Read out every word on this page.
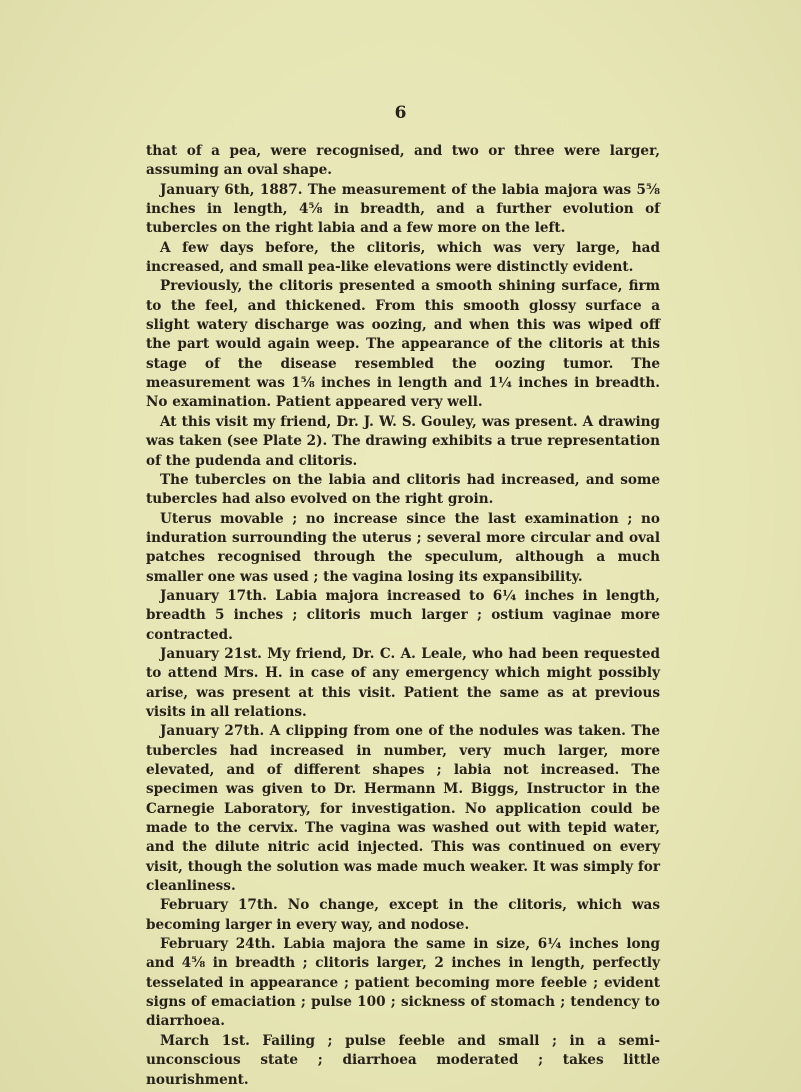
6

that of a pea, were recognised, and two or three were larger, assuming an oval shape.

January 6th, 1887. The measurement of the labia majora was 5⅝ inches in length, 4⅝ in breadth, and a further evolution of tubercles on the right labia and a few more on the left.

A few days before, the clitoris, which was very large, had increased, and small pea-like elevations were distinctly evident.

Previously, the clitoris presented a smooth shining surface, firm to the feel, and thickened. From this smooth glossy surface a slight watery discharge was oozing, and when this was wiped off the part would again weep. The appearance of the clitoris at this stage of the disease resembled the oozing tumor. The measurement was 1⅝ inches in length and 1¼ inches in breadth. No examination. Patient appeared very well.

At this visit my friend, Dr. J. W. S. Gouley, was present. A drawing was taken (see Plate 2). The drawing exhibits a true representation of the pudenda and clitoris.

The tubercles on the labia and clitoris had increased, and some tubercles had also evolved on the right groin.

Uterus movable ; no increase since the last examination ; no induration surrounding the uterus ; several more circular and oval patches recognised through the speculum, although a much smaller one was used ; the vagina losing its expansibility.

January 17th. Labia majora increased to 6¼ inches in length, breadth 5 inches ; clitoris much larger ; ostium vaginae more contracted.

January 21st. My friend, Dr. C. A. Leale, who had been requested to attend Mrs. H. in case of any emergency which might possibly arise, was present at this visit. Patient the same as at previous visits in all relations.

January 27th. A clipping from one of the nodules was taken. The tubercles had increased in number, very much larger, more elevated, and of different shapes ; labia not increased. The specimen was given to Dr. Hermann M. Biggs, Instructor in the Carnegie Laboratory, for investigation. No application could be made to the cervix. The vagina was washed out with tepid water, and the dilute nitric acid injected. This was continued on every visit, though the solution was made much weaker. It was simply for cleanliness.

February 17th. No change, except in the clitoris, which was becoming larger in every way, and nodose.

February 24th. Labia majora the same in size, 6¼ inches long and 4⅝ in breadth ; clitoris larger, 2 inches in length, perfectly tesselated in appearance ; patient becoming more feeble ; evident signs of emaciation ; pulse 100 ; sickness of stomach ; tendency to diarrhoea.

March 1st. Failing ; pulse feeble and small ; in a semi-unconscious state ; diarrhoea moderated ; takes little nourishment.
